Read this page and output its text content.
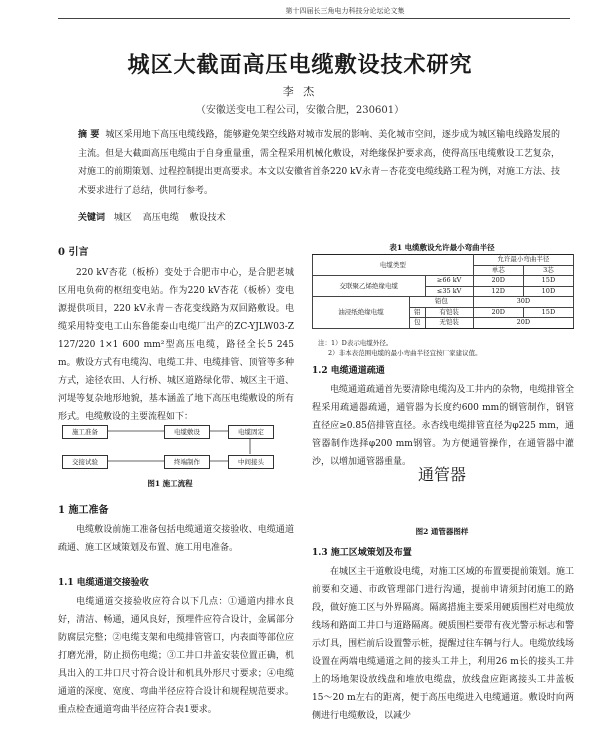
第十四届长三角电力科技分论坛论文集
城区大截面高压电缆敷设技术研究
李 杰
（安徽送变电工程公司，安徽合肥，230601）
摘 要 城区采用地下高压电缆线路，能够避免架空线路对城市发展的影响、美化城市空间，逐步成为城区输电线路发展的主流。但是大截面高压电缆由于自身重量重，需全程采用机械化敷设，对绝缘保护要求高，使得高压电缆敷设工艺复杂，对施工的前期策划、过程控制提出更高要求。本文以安徽省首条220 kV永青－杏花变电缆线路工程为例，对施工方法、技术要求进行了总结，供同行参考。
关键词 城区 高压电缆 敷设技术
0 引言

220 kV杏花（板桥）变处于合肥市中心，是合肥老城区用电负荷的枢纽变电站。作为220 kV杏花（板桥）变电源提供项目，220 kV永青－杏花变线路为双回路敷设。电缆采用特变电工山东鲁能泰山电缆厂出产的ZC-YJLW03-Z 127/220 1×1 600 mm²型高压电缆，路径全长5 245 m。敷设方式有电缆沟、电缆工井、电缆排管、顶管等多种方式，途径农田、人行桥、城区道路绿化带、城区主干道、河堤等复杂地形地貌，基本涵盖了地下高压电缆敷设的所有形式。电缆敷设的主要流程如下：

施工准备	电缆敷设	电缆固定
中间接头
终端制作
交接试验
图1 施工流程
1 施工准备

电缆敷设前施工准备包括电缆通道交接验收、电缆通道疏通、施工区域策划及布置、施工用电准备。

1.1 电缆通道交接验收

电缆通道交接验收应符合以下几点：①通道内排水良好，清洁、畅通，通风良好，预埋件应符合设计，金属部分防腐层完整；②电缆支架和电缆排管管口，内表面等部位应打磨光滑，防止损伤电缆；③工井口井盖安装位置正确，机具出入的工井口尺寸符合设计和机具外形尺寸要求；④电缆通道的深度、宽度、弯曲半径应符合设计和规程规范要求。重点检查通道弯曲半径应符合表1要求。

表1 电缆敷设允许最小弯曲半径
电缆类型			允许最小弯曲半径	
			单芯	3芯
交联聚乙烯绝缘电缆		≥66 kV	20D	15D
		≤35 kV	12D	10D
油浸纸绝缘电缆	铅包		30D	
	铝	有铠装	20D	15D
	包	无铠装	20D	
注：1）D表示电缆外径。
2）非本表范围电缆的最小弯曲半径宜按厂家建议值。
1.2 电缆通道疏通

电缆通道疏通首先要清除电缆沟及工井内的杂物，电缆排管全程采用疏通器疏通，通管器为长度约600 mm的钢管制作，钢管直径应≥0.85倍排管直径。永杏线电缆排管直径为φ225 mm，通管器制作选择φ200 mm钢管。为方便通管操作，在通管器中灌沙，以增加通管器重量。

通管器
图2 通管器图样
1.3 施工区域策划及布置

在城区主干道敷设电缆，对施工区域的布置要提前策划。施工前要和交通、市政管理部门进行沟通，提前申请须封闭施工的路段，做好施工区与外界隔离。隔离措施主要采用硬质围栏对电缆放线场和路面工井口与道路隔离。硬质围栏要带有夜光警示标志和警示灯具，围栏前后设置警示桩，提醒过往车辆与行人。电缆放线场设置在两端电缆通道之间的接头工井上，利用26 m长的接头工井上的场地架设放线盘和堆放电缆盘，放线盘应距离接头工井盖板15～20 m左右的距离，便于高压电缆进入电缆通道。敷设时向两侧进行电缆敷设，以减少
